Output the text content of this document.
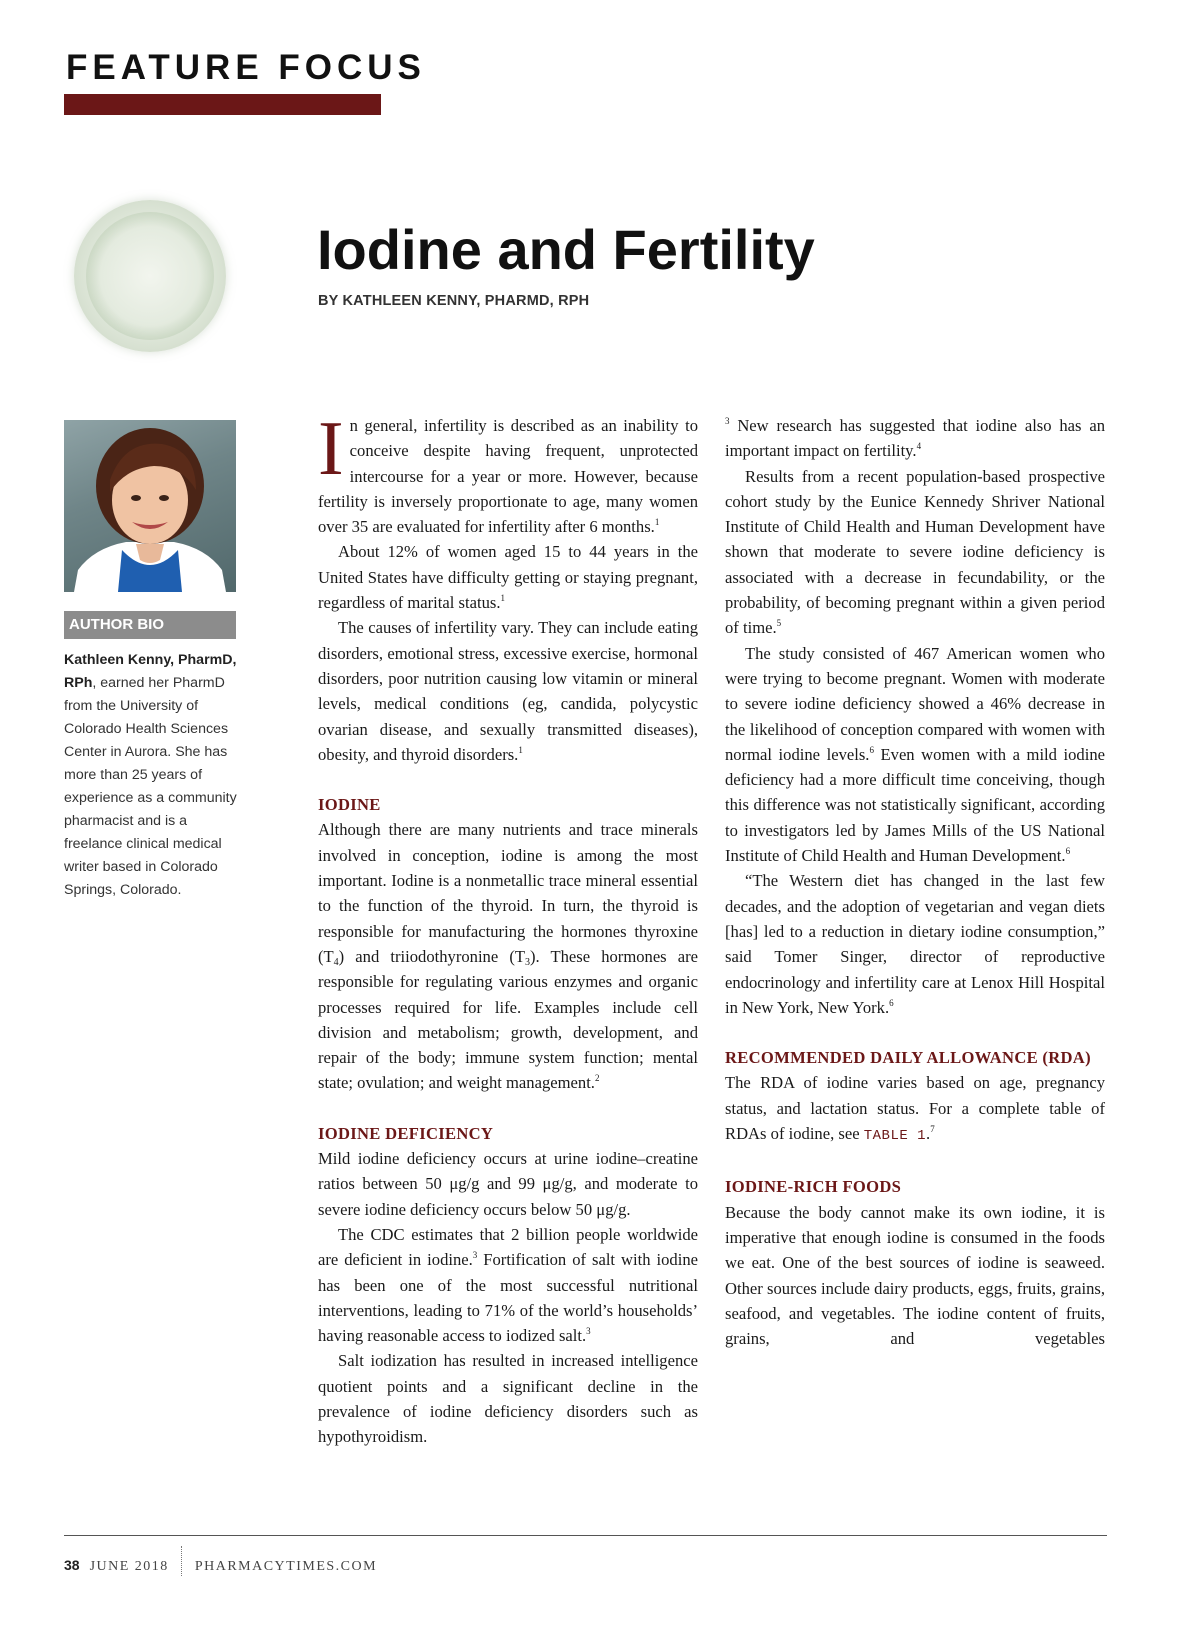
FEATURE FOCUS
Iodine and Fertility
BY KATHLEEN KENNY, PHARMD, RPH
AUTHOR BIO
Kathleen Kenny, PharmD, RPh, earned her PharmD from the University of Colorado Health Sciences Center in Aurora. She has more than 25 years of experience as a community pharmacist and is a freelance clinical medical writer based in Colorado Springs, Colorado.

In general, infertility is described as an inability to conceive despite having frequent, unprotected intercourse for a year or more. However, because fertility is inversely proportionate to age, many women over 35 are evaluated for infertility after 6 months.$^1$

About 12% of women aged 15 to 44 years in the United States have difficulty getting or staying pregnant, regardless of marital status.$^1$

The causes of infertility vary. They can include eating disorders, emotional stress, excessive exercise, hormonal disorders, poor nutrition causing low vitamin or mineral levels, medical conditions (eg, candida, polycystic ovarian disease, and sexually transmitted diseases), obesity, and thyroid disorders.$^1$

IODINE

Although there are many nutrients and trace minerals involved in conception, iodine is among the most important. Iodine is a nonmetallic trace mineral essential to the function of the thyroid. In turn, the thyroid is responsible for manufacturing the hormones thyroxine $(T_4)$ and triiodothyronine $(T_3)$. These hormones are responsible for regulating various enzymes and organic processes required for life. Examples include cell division and metabolism; growth, development, and repair of the body; immune system function; mental state; ovulation; and weight management.$^2$

IODINE DEFICIENCY

Mild iodine deficiency occurs at urine iodine–creatine ratios between 50 μg/g and 99 μg/g, and moderate to severe iodine deficiency occurs below 50 μg/g.

The CDC estimates that 2 billion people worldwide are deficient in iodine.$^3$ Fortification of salt with iodine has been one of the most successful nutritional interventions, leading to 71% of the world’s households’ having reasonable access to iodized salt.$^3$

Salt iodization has resulted in increased intelligence quotient points and a significant decline in the prevalence of iodine deficiency disorders such as hypothyroidism.

$^3$ New research has suggested that iodine also has an important impact on fertility.$^4$

Results from a recent population-based prospective cohort study by the Eunice Kennedy Shriver National Institute of Child Health and Human Development have shown that moderate to severe iodine deficiency is associated with a decrease in fecundability, or the probability, of becoming pregnant within a given period of time.$^5$

The study consisted of 467 American women who were trying to become pregnant. Women with moderate to severe iodine deficiency showed a 46% decrease in the likelihood of conception compared with women with normal iodine levels.$^6$ Even women with a mild iodine deficiency had a more difficult time conceiving, though this difference was not statistically significant, according to investigators led by James Mills of the US National Institute of Child Health and Human Development.$^6$

“The Western diet has changed in the last few decades, and the adoption of vegetarian and vegan diets [has] led to a reduction in dietary iodine consumption,” said Tomer Singer, director of reproductive endocrinology and infertility care at Lenox Hill Hospital in New York, New York.$^6$

RECOMMENDED DAILY ALLOWANCE (RDA)

The RDA of iodine varies based on age, pregnancy status, and lactation status. For a complete table of RDAs of iodine, see TABLE 1.$^7$

IODINE-RICH FOODS

Because the body cannot make its own iodine, it is imperative that enough iodine is consumed in the foods we eat. One of the best sources of iodine is seaweed. Other sources include dairy products, eggs, fruits, grains, seafood, and vegetables. The iodine content of fruits, grains, and vegetables

38 JUNE 2018 PHARMACYTIMES.COM
